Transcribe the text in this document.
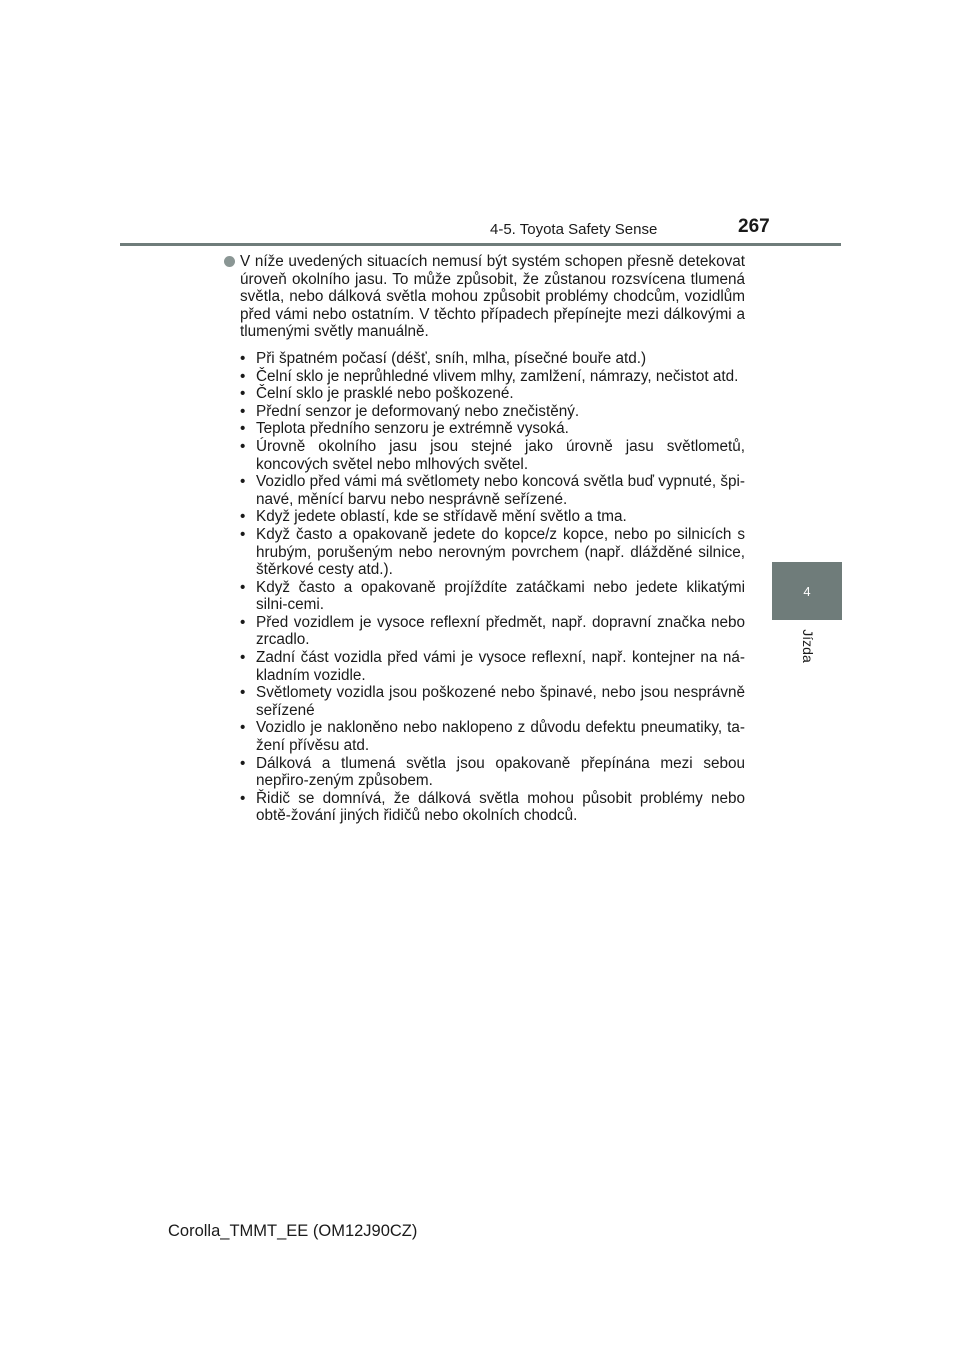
4-5. Toyota Safety Sense	267
4
Jízda
V níže uvedených situacích nemusí být systém schopen přesně detekovat úroveň okolního jasu. To může způsobit, že zůstanou rozsvícena tlumená světla, nebo dálková světla mohou způsobit problémy chodcům, vozidlům před vámi nebo ostatním. V těchto případech přepínejte mezi dálkovými a tlumenými světly manuálně.
• Při špatném počasí (déšť, sníh, mlha, písečné bouře atd.)
• Čelní sklo je neprůhledné vlivem mlhy, zamlžení, námrazy, nečistot atd.
• Čelní sklo je prasklé nebo poškozené.
• Přední senzor je deformovaný nebo znečistěný.
• Teplota předního senzoru je extrémně vysoká.
• Úrovně okolního jasu jsou stejné jako úrovně jasu světlometů, koncových světel nebo mlhových světel.
• Vozidlo před vámi má světlomety nebo koncová světla buď vypnuté, špi-navé, měnící barvu nebo nesprávně seřízené.
• Když jedete oblastí, kde se střídavě mění světlo a tma.
• Když často a opakovaně jedete do kopce/z kopce, nebo po silnicích s hrubým, porušeným nebo nerovným povrchem (např. dlážděné silnice, štěrkové cesty atd.).
• Když často a opakovaně projíždíte zatáčkami nebo jedete klikatými silni-cemi.
• Před vozidlem je vysoce reflexní předmět, např. dopravní značka nebo zrcadlo.
• Zadní část vozidla před vámi je vysoce reflexní, např. kontejner na ná-kladním vozidle.
• Světlomety vozidla jsou poškozené nebo špinavé, nebo jsou nesprávně seřízené
• Vozidlo je nakloněno nebo naklopeno z důvodu defektu pneumatiky, ta-žení přívěsu atd.
• Dálková a tlumená světla jsou opakovaně přepínána mezi sebou nepřiro-zeným způsobem.
• Řidič se domnívá, že dálková světla mohou působit problémy nebo obtě-žování jiných řidičů nebo okolních chodců.
Corolla_TMMT_EE (OM12J90CZ)
